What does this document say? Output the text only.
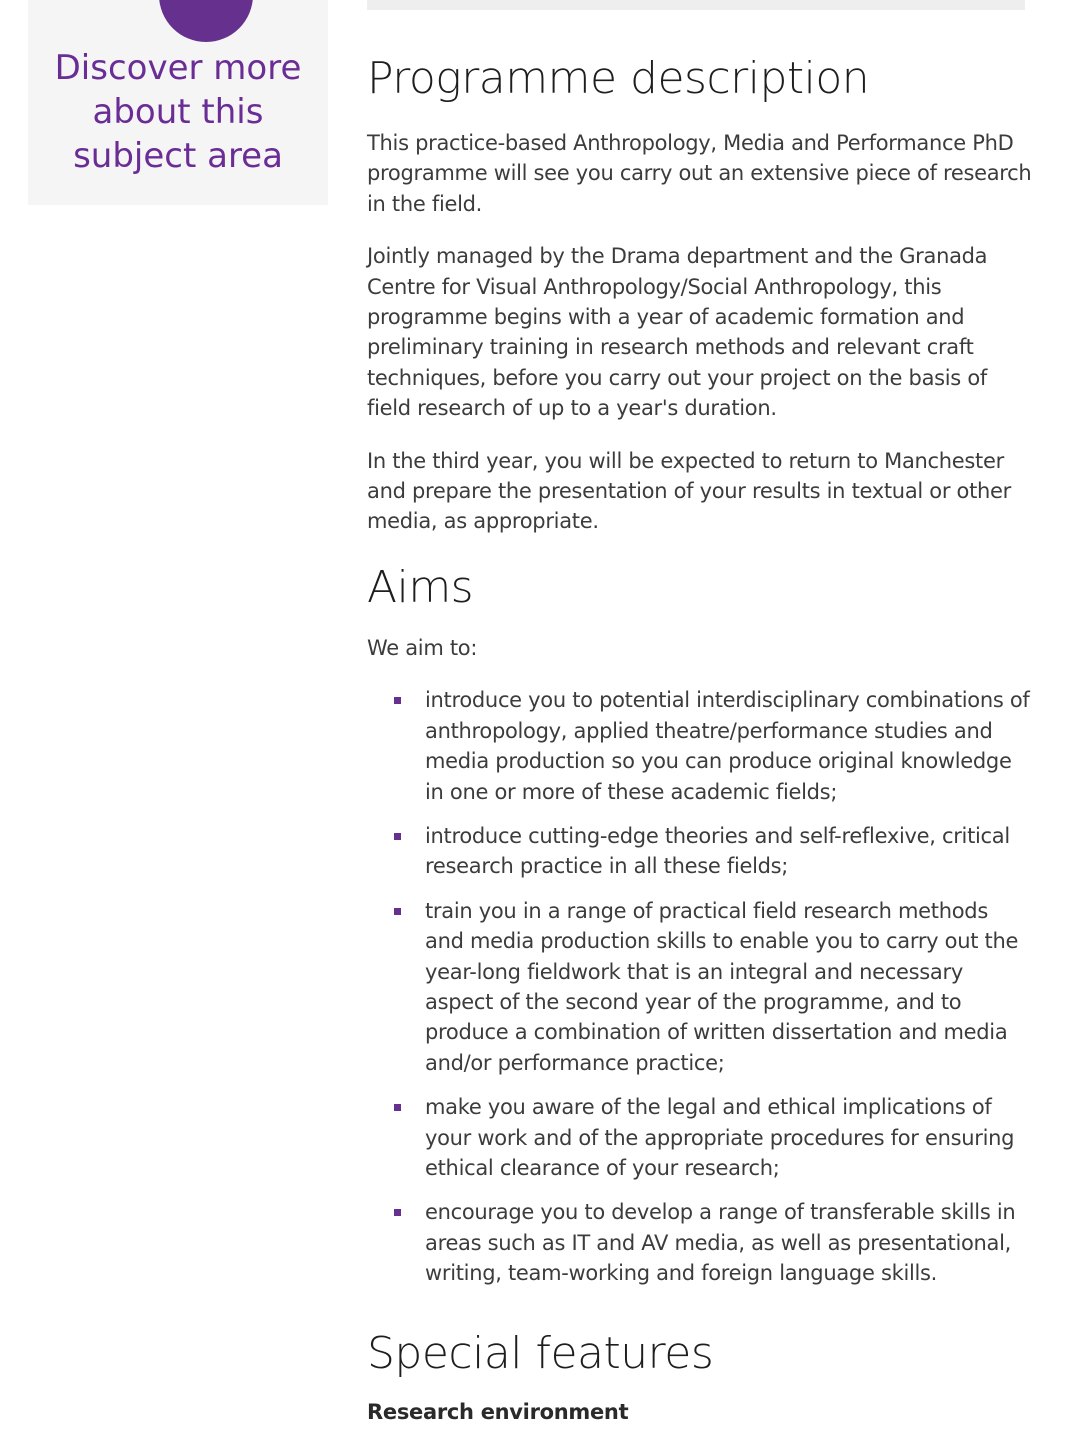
Discover more about this subject area
Programme description

This practice-based Anthropology, Media and Performance PhD programme will see you carry out an extensive piece of research in the field.

Jointly managed by the Drama department and the Granada Centre for Visual Anthropology/Social Anthropology, this programme begins with a year of academic formation and preliminary training in research methods and relevant craft techniques, before you carry out your project on the basis of field research of up to a year's duration.

In the third year, you will be expected to return to Manchester and prepare the presentation of your results in textual or other media, as appropriate.

Aims

We aim to:

introduce you to potential interdisciplinary combinations of anthropology, applied theatre/performance studies and media production so you can produce original knowledge in one or more of these academic fields;
introduce cutting-edge theories and self-reflexive, critical research practice in all these fields;
train you in a range of practical field research methods and media production skills to enable you to carry out the year-long fieldwork that is an integral and necessary aspect of the second year of the programme, and to produce a combination of written dissertation and media and/or performance practice;
make you aware of the legal and ethical implications of your work and of the appropriate procedures for ensuring ethical clearance of your research;
encourage you to develop a range of transferable skills in areas such as IT and AV media, as well as presentational, writing, team-working and foreign language skills.
Special features
Research environment
